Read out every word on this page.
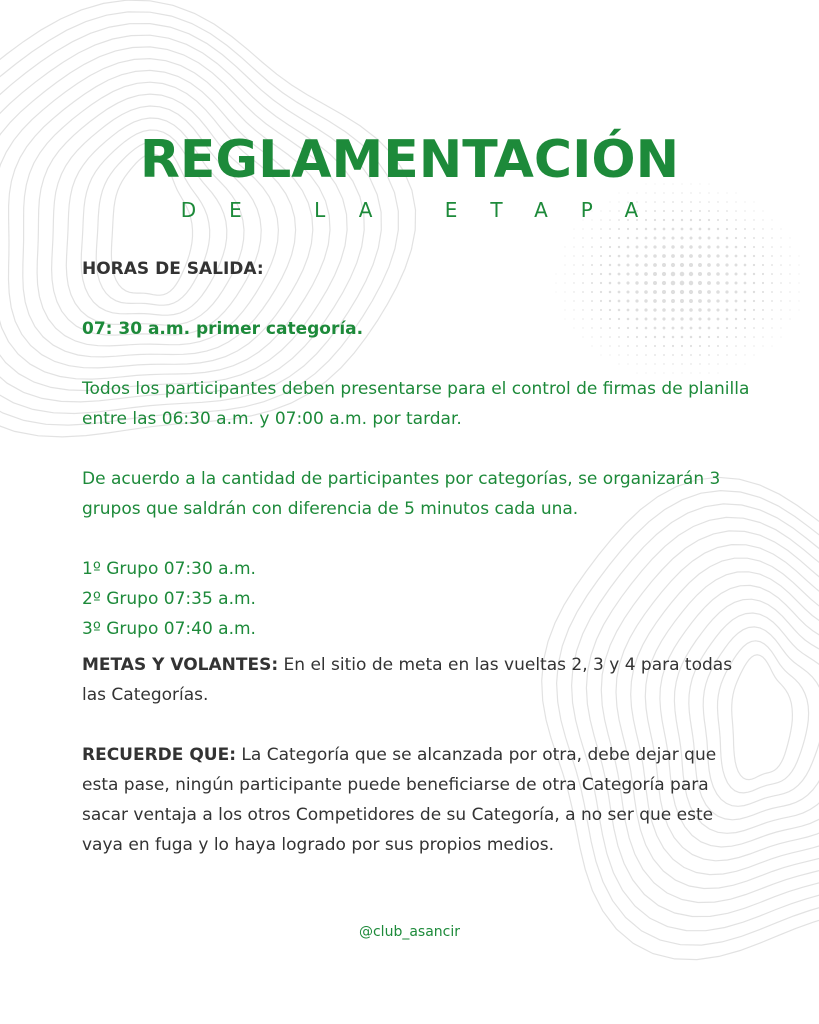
REGLAMENTACIÓN
DE LA ETAPA

HORAS DE SALIDA:

07: 30 a.m. primer categoría.

Todos los participantes deben presentarse para el control de firmas de planilla entre las 06:30 a.m. y 07:00 a.m. por tardar.

De acuerdo a la cantidad de participantes por categorías, se organizarán 3 grupos que saldrán con diferencia de 5 minutos cada una.

1º Grupo 07:30 a.m.

2º Grupo 07:35 a.m.

3º Grupo 07:40 a.m.

METAS Y VOLANTES: En el sitio de meta en las vueltas 2, 3 y 4 para todas las Categorías.

RECUERDE QUE: La Categoría que se alcanzada por otra, debe dejar que esta pase, ningún participante puede beneficiarse de otra Categoría para sacar ventaja a los otros Competidores de su Categoría, a no ser que este vaya en fuga y lo haya logrado por sus propios medios.

@club_asancir
